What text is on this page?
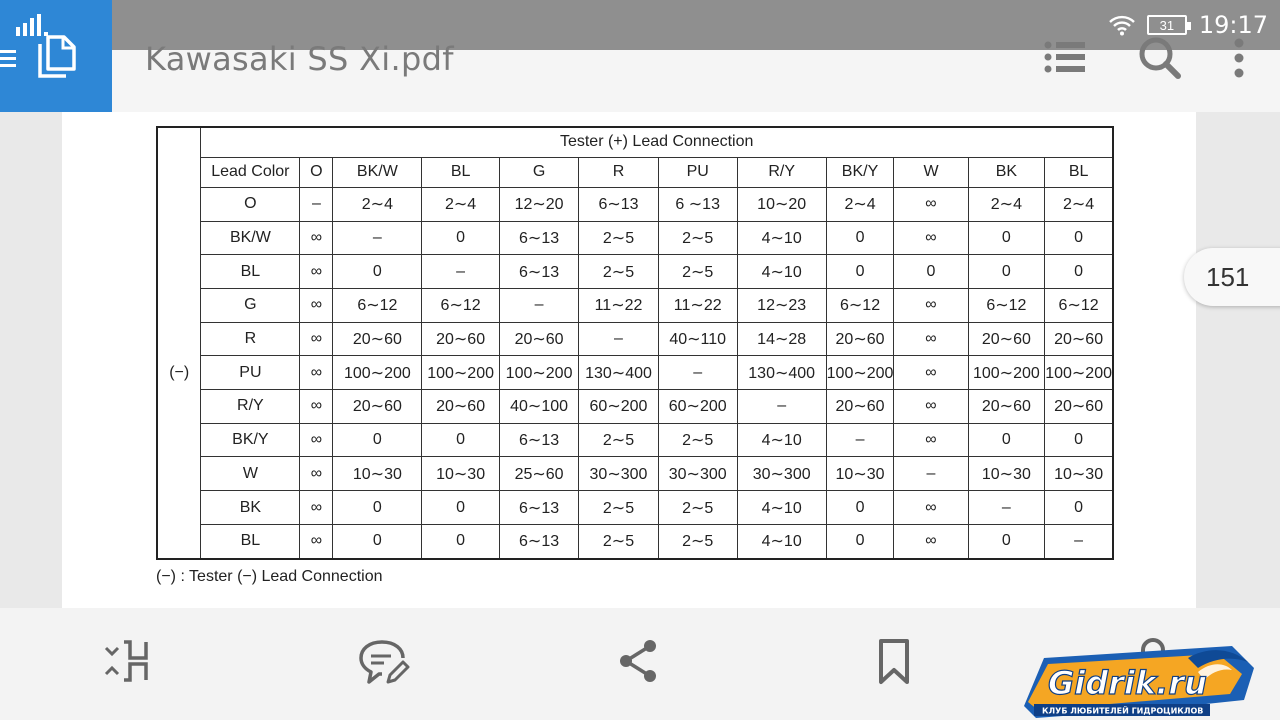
31 19:17
Kawasaki SS Xi.pdf
	Tester (+) Lead Connection											
	Lead Color	O	BK/W	BL	G	R	PU	R/Y	BK/Y	W	BK	BL
	O	–	2∼4	2∼4	12∼20	6∼13	6 ∼13	10∼20	2∼4	∞	2∼4	2∼4
	BK/W	∞	–	0	6∼13	2∼5	2∼5	4∼10	0	∞	0	0
	BL	∞	0	–	6∼13	2∼5	2∼5	4∼10	0	0	0	0
	G	∞	6∼12	6∼12	–	11∼22	11∼22	12∼23	6∼12	∞	6∼12	6∼12
	R	∞	20∼60	20∼60	20∼60	–	40∼110	14∼28	20∼60	∞	20∼60	20∼60
(−)	PU	∞	100∼200	100∼200	100∼200	130∼400	–	130∼400	100∼200	∞	100∼200	100∼200
	R/Y	∞	20∼60	20∼60	40∼100	60∼200	60∼200	–	20∼60	∞	20∼60	20∼60
	BK/Y	∞	0	0	6∼13	2∼5	2∼5	4∼10	–	∞	0	0
	W	∞	10∼30	10∼30	25∼60	30∼300	30∼300	30∼300	10∼30	–	10∼30	10∼30
	BK	∞	0	0	6∼13	2∼5	2∼5	4∼10	0	∞	–	0
	BL	∞	0	0	6∼13	2∼5	2∼5	4∼10	0	∞	0	–
(−) : Tester (−) Lead Connection
151
Gidrik.ru
КЛУБ ЛЮБИТЕЛЕЙ ГИДРОЦИКЛОВ
